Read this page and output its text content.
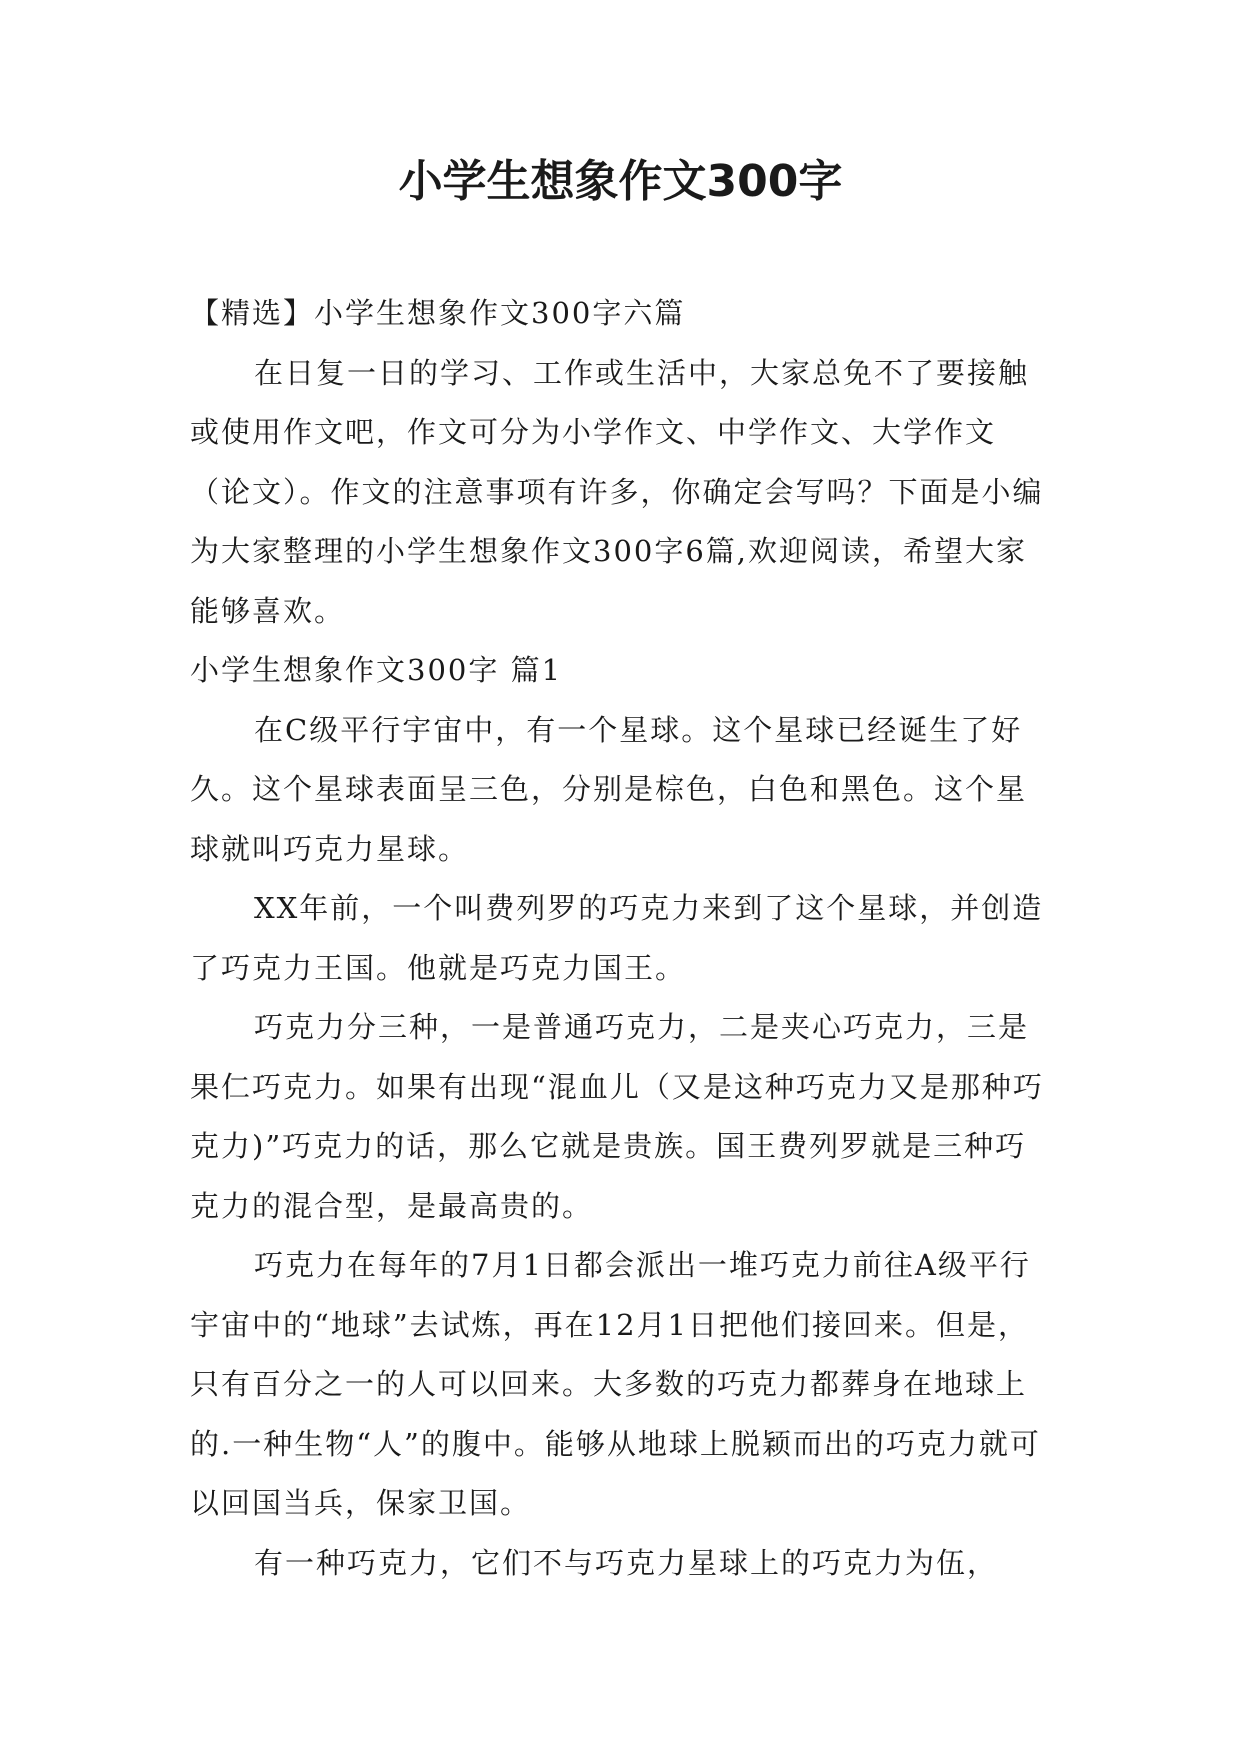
小学生想象作文300字

【精选】小学生想象作文300字六篇

在日复一日的学习、工作或生活中，大家总免不了要接触或使用作文吧，作文可分为小学作文、中学作文、大学作文（论文）。作文的注意事项有许多，你确定会写吗？下面是小编为大家整理的小学生想象作文300字6篇,欢迎阅读，希望大家能够喜欢。

小学生想象作文300字 篇1

在C级平行宇宙中，有一个星球。这个星球已经诞生了好久。这个星球表面呈三色，分别是棕色，白色和黑色。这个星球就叫巧克力星球。

XX年前，一个叫费列罗的巧克力来到了这个星球，并创造了巧克力王国。他就是巧克力国王。

巧克力分三种，一是普通巧克力，二是夹心巧克力，三是果仁巧克力。如果有出现“混血儿（又是这种巧克力又是那种巧克力)”巧克力的话，那么它就是贵族。国王费列罗就是三种巧克力的混合型，是最高贵的。

巧克力在每年的7月1日都会派出一堆巧克力前往A级平行宇宙中的“地球”去试炼，再在12月1日把他们接回来。但是，只有百分之一的人可以回来。大多数的巧克力都葬身在地球上的.一种生物“人”的腹中。能够从地球上脱颖而出的巧克力就可以回国当兵，保家卫国。

有一种巧克力，它们不与巧克力星球上的巧克力为伍，
